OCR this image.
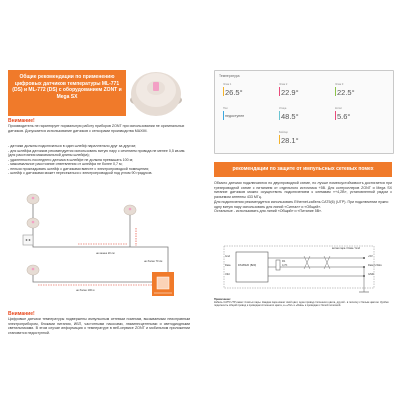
Общие рекомендации по применению цифровых датчиков температуры ML-771 (DS) и ML-772 (DS) с оборудованием ZONT и Mega SX
Внимание!
Производитель не гарантирует нормальную работу приборов ZONT при использовании не оригинальных датчиков. Допускается использование датчиков с сенсорами производства MAXIM.
- датчики должны подключаться в один шлейф параллельно друг за другом;
- для шлейфа датчиков рекомендуется использовать витую пару с сечением провода не менее 0,5 кв.мм. (для расстояния максимальной длины шлейфа);
- удаленность последнего датчика в шлейфе не должна превышать 100 м;
- максимальное расстояние ответвления от шлейфа не более 0,7 м;
- нельзя прокладывать шлейф с датчиками вместе с электропроводкой помещения;
- шлейф с датчиками может пересекаться с электропроводкой под углом 90 градусов.
не менее 20 см
не более 70 см
не более 100 м
Внимание!
Цифровые датчики температуры подвержены импульсным сетевым помехам, вызываемым неисправным электроприбором, блоками питания, ИБП, частотными насосами, люминесцентными и светодиодными светильниками. В этом случае информация о температуре в веб-сервисе ZONT и мобильном приложении становится недоступной.
Температура
Этаж 1
26.5°
Этаж 2
22.9°
Этаж 3
22.5°
Пол
недоступен
Улица
48.5°
Котёл
5.6°
Бойлер
28.1°
рекомендации по защите от импульсных сетевых помех
Обычно датчики подключаются по двухпроводной схеме, но лучше помехоустойчивость достигается при трехпроводной схеме с питанием от отдельного источника +5В. Для контроллеров ZONT и Mega SX питание датчиков можно осуществить подключением к клеммам «+4,2В», установленной рядом с разъемом антенны 433 МГц.
Для подключения рекомендуется использовать Ethernet-кабель CAT5(6) (UTP). При подключении нужно одну витую пару использовать для линий «Сигнал» и «Общий».
Остальные - использовать для линий «Общий» и «Питание 5В».
DS18S20 (B20)
Gnd
Data
Vdd
R1
4,7K
витая пара / Data / Gnd
+5V
Data 1-Wire
GND
Примечание:
Кабель CAT5 UTP имеет 4 витых пары. Каждая пара имеет свой цвет, один провод сплошного цвета, другой - в полоску с белым цветом. Удобно подключить общий провод к проводам сплошного цвета, а «+5V» и «Data» к проводам с белой полоской.
